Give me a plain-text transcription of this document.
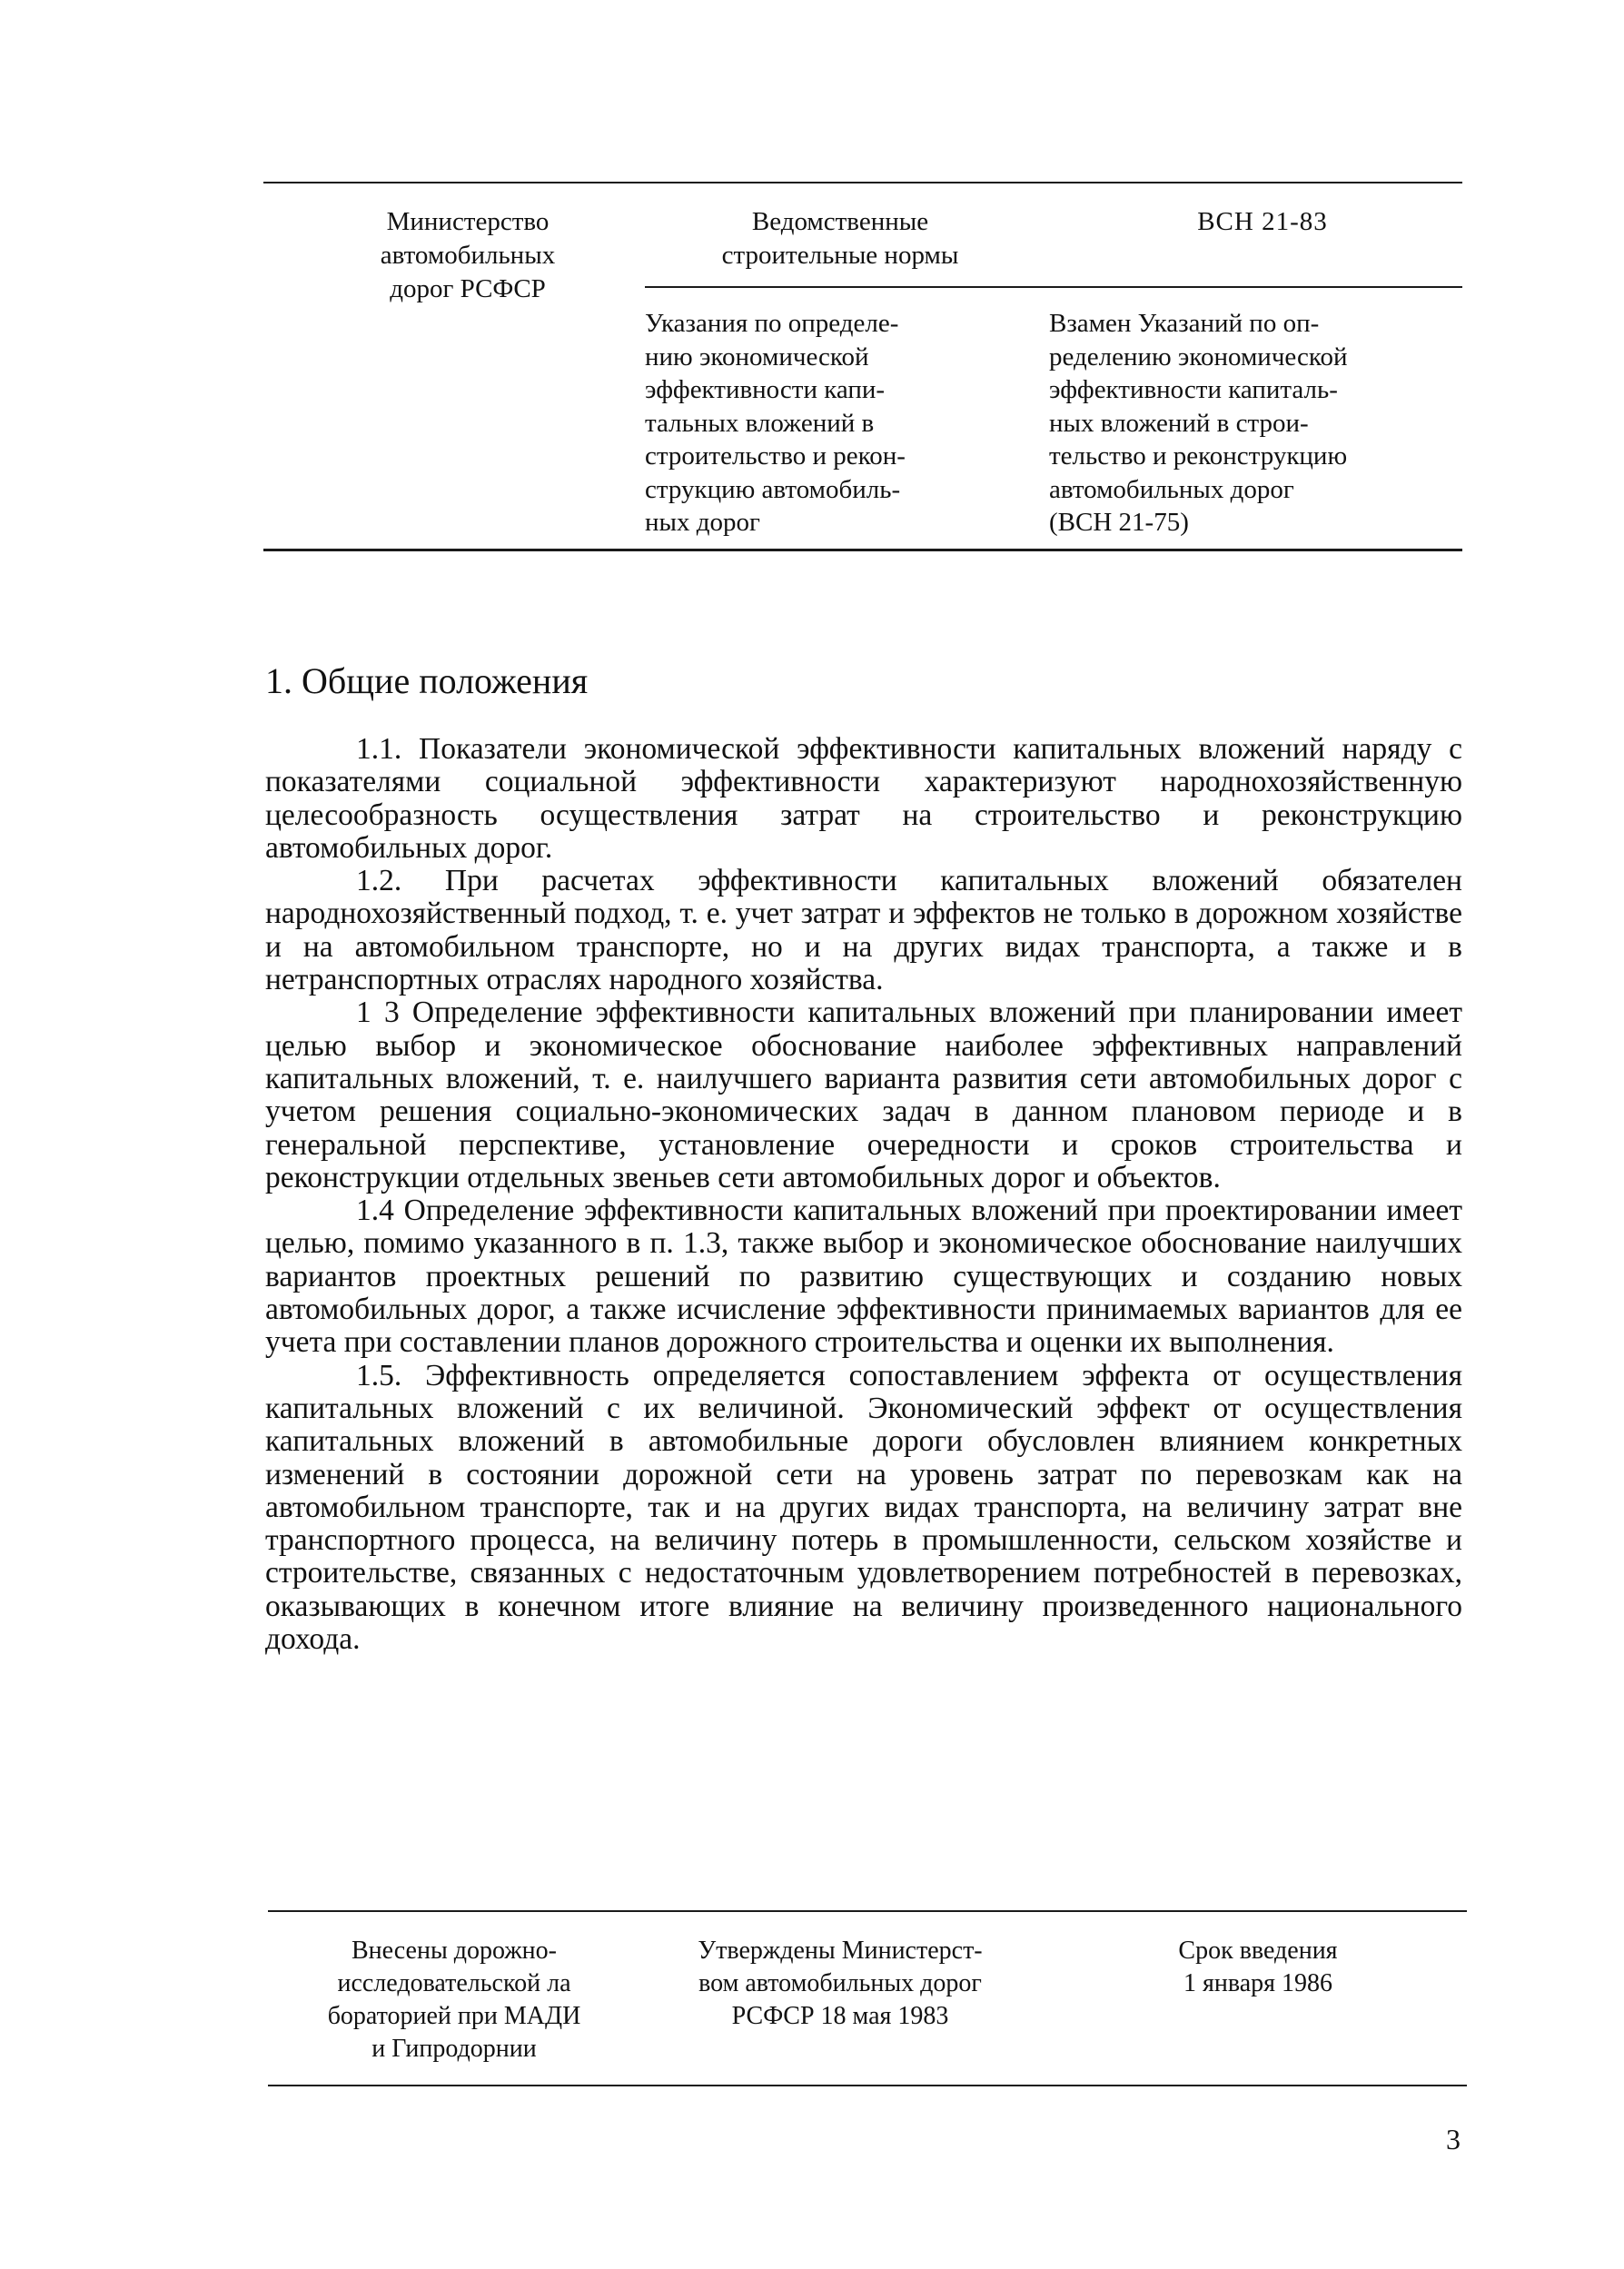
Министерство
автомобильных
дорог РСФСР
Ведомственные
строительные нормы
ВСН 21-83
Указания по определе-
нию экономической
эффективности капи-
тальных вложений в
строительство и рекон-
струкцию автомобиль-
ных дорог
Взамен Указаний по оп-
ределению экономической
эффективности капиталь-
ных вложений в строи-
тельство и реконструкцию
автомобильных дорог
(ВСН 21-75)
1. Общие положения

1.1. Показатели экономической эффективности капитальных вложений наряду с показателями социальной эффективности характеризуют народнохозяйственную целесообразность осуществления затрат на строительство и реконструкцию автомобильных дорог.

1.2. При расчетах эффективности капитальных вложений обязателен народнохозяйственный подход, т. е. учет затрат и эффектов не только в дорожном хозяйстве и на автомобильном транспорте, но и на других видах транспорта, а также и в нетранспортных отраслях народного хозяйства.

1 3 Определение эффективности капитальных вложений при планировании имеет целью выбор и экономическое обоснование наиболее эффективных направлений капитальных вложений, т. е. наилучшего варианта развития сети автомобильных дорог с учетом решения социально-экономических задач в данном плановом периоде и в генеральной перспективе, установление очередности и сроков строительства и реконструкции отдельных звеньев сети автомобильных дорог и объектов.

1.4 Определение эффективности капитальных вложений при проектировании имеет целью, помимо указанного в п. 1.3, также выбор и экономическое обоснование наилучших вариантов проектных решений по развитию существующих и созданию новых автомобильных дорог, а также исчисление эффективности принимаемых вариантов для ее учета при составлении планов дорожного строительства и оценки их выполнения.

1.5. Эффективность определяется сопоставлением эффекта от осуществления капитальных вложений с их величиной. Экономический эффект от осуществления капитальных вложений в автомобильные дороги обусловлен влиянием конкретных изменений в состоянии дорожной сети на уровень затрат по перевозкам как на автомобильном транспорте, так и на других видах транспорта, на величину затрат вне транспортного процесса, на величину потерь в промышленности, сельском хозяйстве и строительстве, связанных с недостаточным удовлетворением потребностей в перевозках, оказывающих в конечном итоге влияние на величину произведенного национального дохода.

Внесены дорожно-
исследовательской ла
бораторией при МАДИ
и Гипродорнии
Утверждены Министерст-
вом автомобильных дорог
РСФСР 18 мая 1983
Срок введения
1 января 1986
3
